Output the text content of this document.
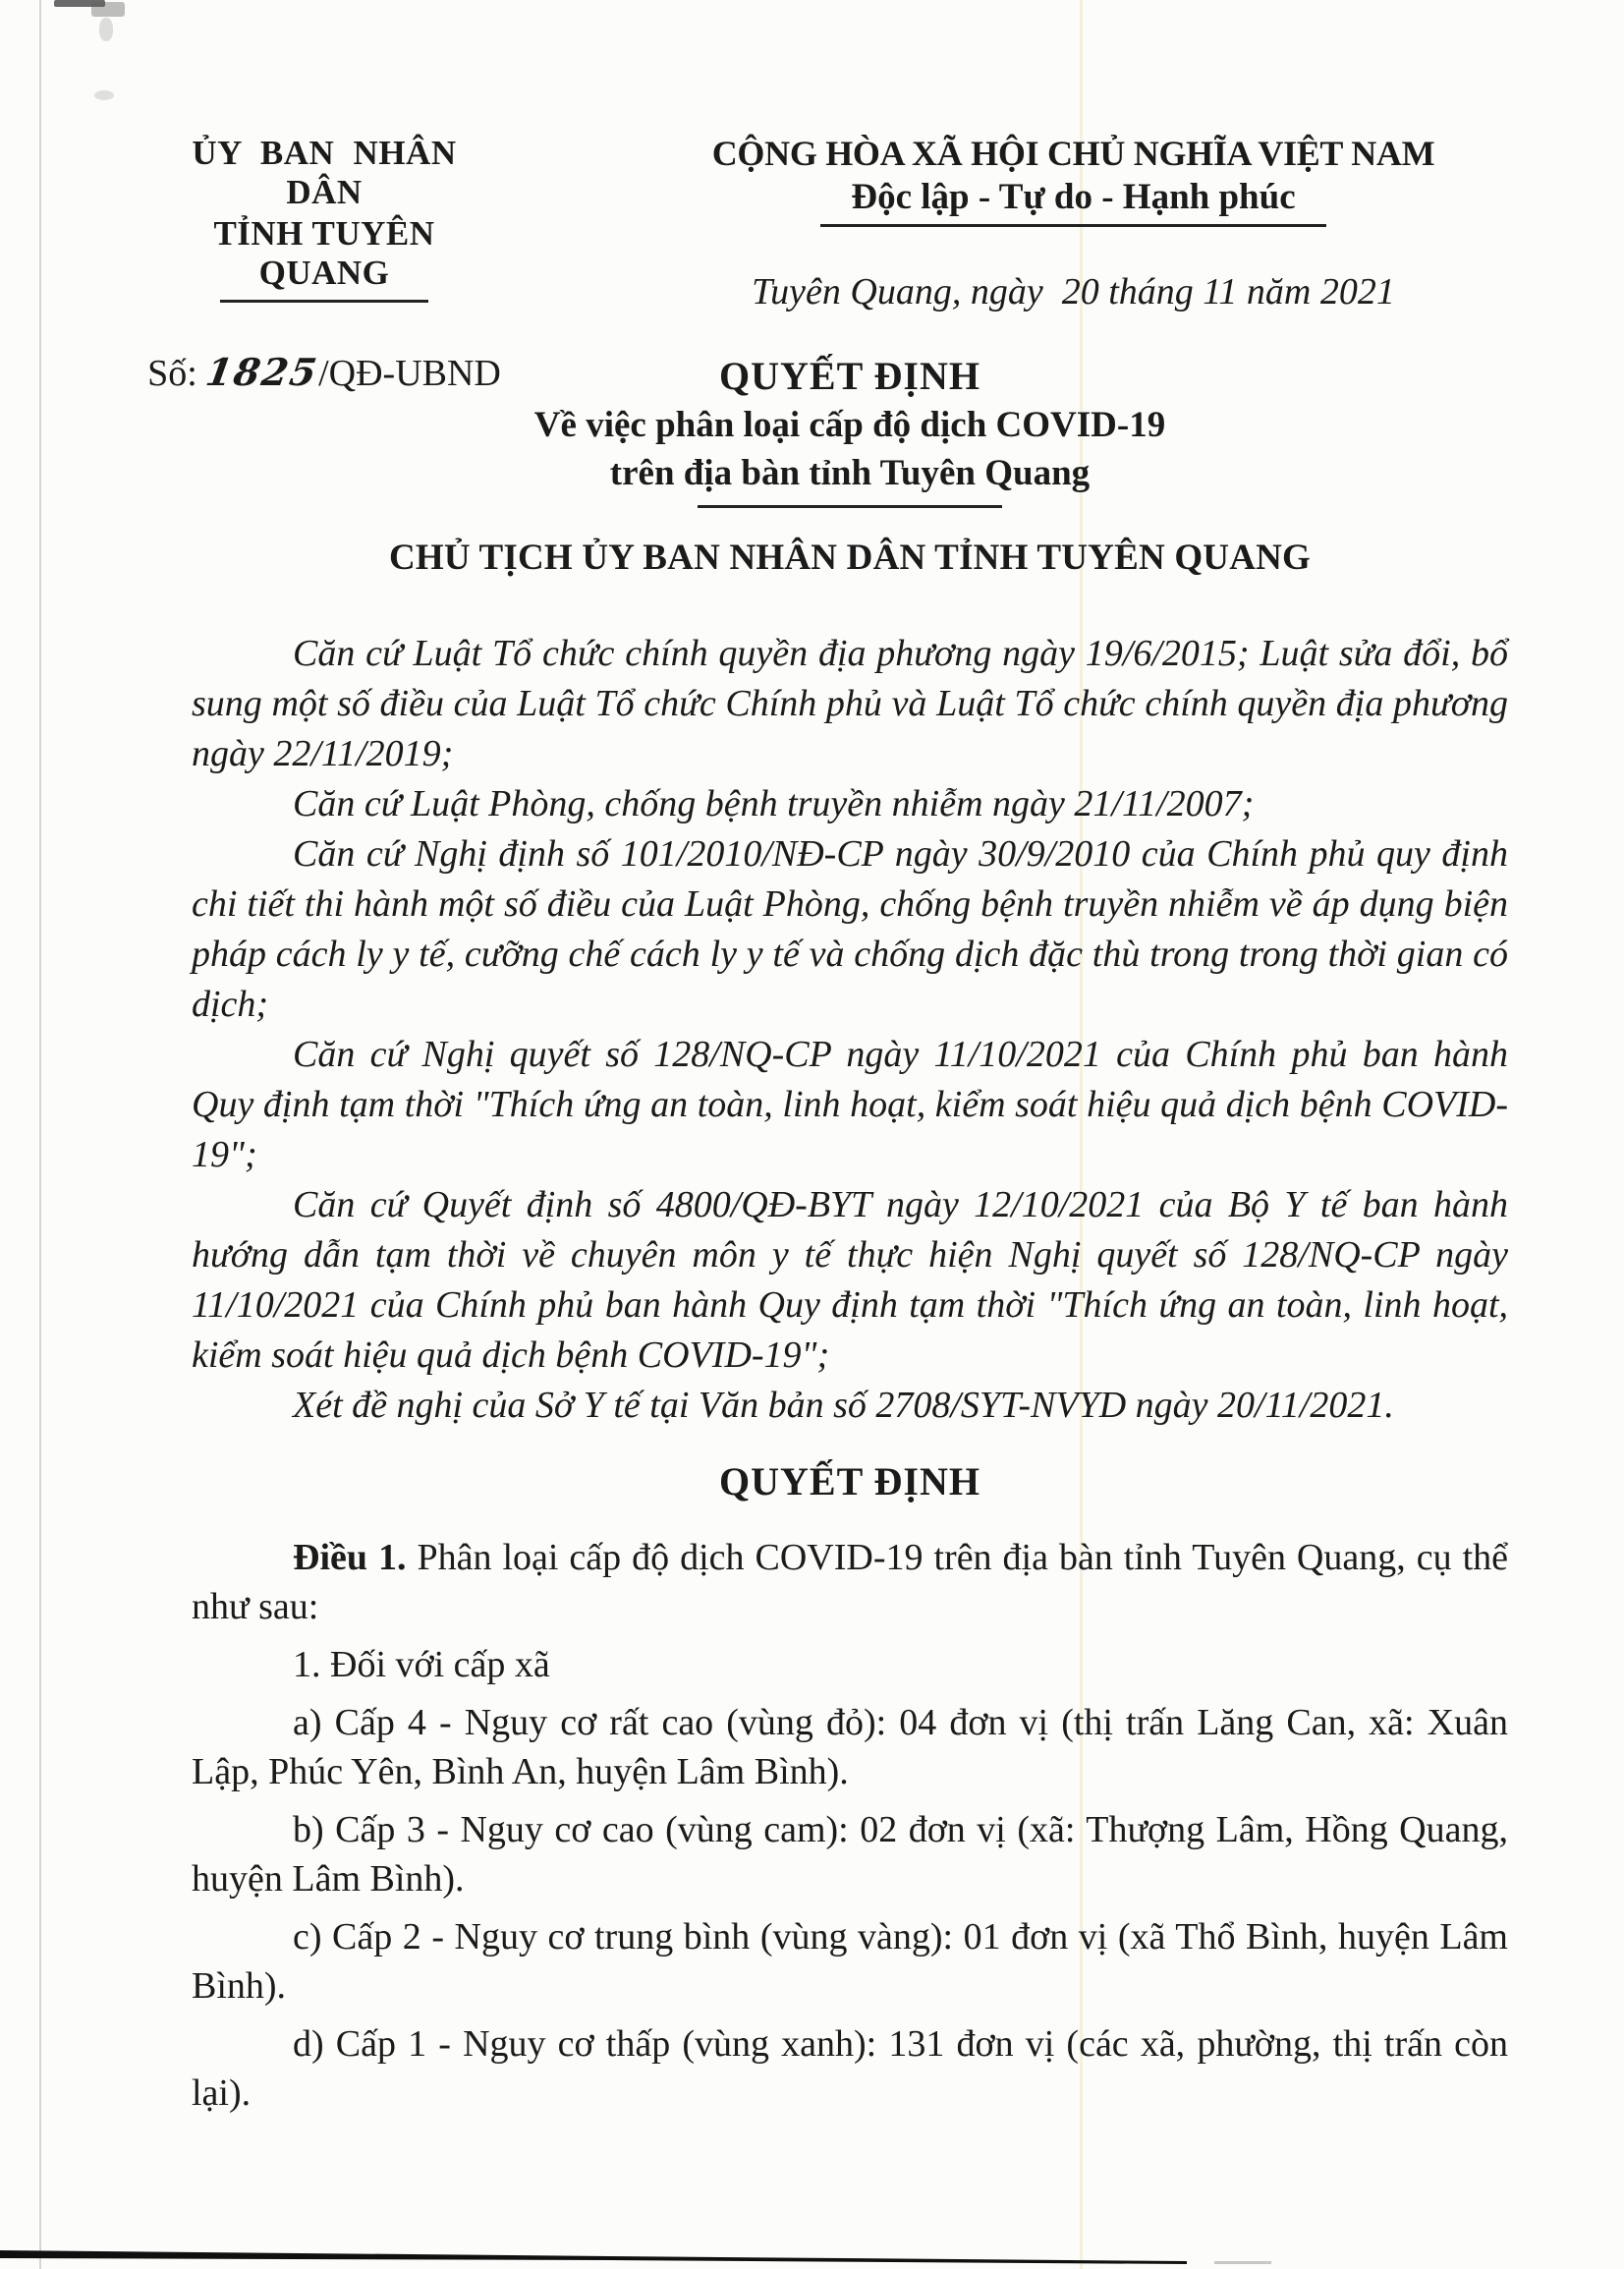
ỦY BAN NHÂN DÂN
TỈNH TUYÊN QUANG
Số: 1825/QĐ-UBND
CỘNG HÒA XÃ HỘI CHỦ NGHĨA VIỆT NAM
Độc lập - Tự do - Hạnh phúc
Tuyên Quang, ngày  20 tháng 11 năm 2021
QUYẾT ĐỊNH
Về việc phân loại cấp độ dịch COVID-19
trên địa bàn tỉnh Tuyên Quang
CHỦ TỊCH ỦY BAN NHÂN DÂN TỈNH TUYÊN QUANG

Căn cứ Luật Tổ chức chính quyền địa phương ngày 19/6/2015; Luật sửa đổi, bổ sung một số điều của Luật Tổ chức Chính phủ và Luật Tổ chức chính quyền địa phương ngày 22/11/2019;

Căn cứ Luật Phòng, chống bệnh truyền nhiễm ngày 21/11/2007;

Căn cứ Nghị định số 101/2010/NĐ-CP ngày 30/9/2010 của Chính phủ quy định chi tiết thi hành một số điều của Luật Phòng, chống bệnh truyền nhiễm về áp dụng biện pháp cách ly y tế, cưỡng chế cách ly y tế và chống dịch đặc thù trong trong thời gian có dịch;

Căn cứ Nghị quyết số 128/NQ-CP ngày 11/10/2021 của Chính phủ ban hành Quy định tạm thời "Thích ứng an toàn, linh hoạt, kiểm soát hiệu quả dịch bệnh COVID-19";

Căn cứ Quyết định số 4800/QĐ-BYT ngày 12/10/2021 của Bộ Y tế ban hành hướng dẫn tạm thời về chuyên môn y tế thực hiện Nghị quyết số 128/NQ-CP ngày 11/10/2021 của Chính phủ ban hành Quy định tạm thời "Thích ứng an toàn, linh hoạt, kiểm soát hiệu quả dịch bệnh COVID-19";

Xét đề nghị của Sở Y tế tại Văn bản số 2708/SYT-NVYD ngày 20/11/2021.

QUYẾT ĐỊNH

Điều 1. Phân loại cấp độ dịch COVID-19 trên địa bàn tỉnh Tuyên Quang, cụ thể như sau:

1. Đối với cấp xã

a) Cấp 4 - Nguy cơ rất cao (vùng đỏ): 04 đơn vị (thị trấn Lăng Can, xã: Xuân Lập, Phúc Yên, Bình An, huyện Lâm Bình).

b) Cấp 3 - Nguy cơ cao (vùng cam): 02 đơn vị (xã: Thượng Lâm, Hồng Quang, huyện Lâm Bình).

c) Cấp 2 - Nguy cơ trung bình (vùng vàng): 01 đơn vị (xã Thổ Bình, huyện Lâm Bình).

d) Cấp 1 - Nguy cơ thấp (vùng xanh): 131 đơn vị (các xã, phường, thị trấn còn lại).
